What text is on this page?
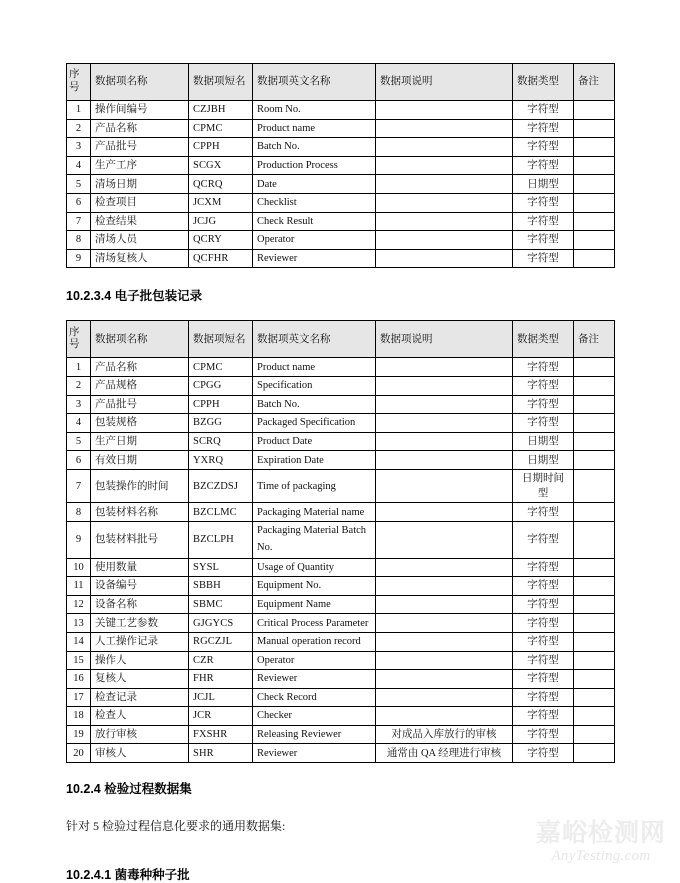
序号	数据项名称	数据项短名	数据项英文名称	数据项说明	数据类型	备注
1	操作间编号	CZJBH	Room No.		字符型	
2	产品名称	CPMC	Product name		字符型	
3	产品批号	CPPH	Batch No.		字符型	
4	生产工序	SCGX	Production Process		字符型	
5	清场日期	QCRQ	Date		日期型	
6	检查项目	JCXM	Checklist		字符型	
7	检查结果	JCJG	Check Result		字符型	
8	清场人员	QCRY	Operator		字符型	
9	清场复核人	QCFHR	Reviewer		字符型	
10.2.3.4 电子批包装记录
序号	数据项名称	数据项短名	数据项英文名称	数据项说明	数据类型	备注
1	产品名称	CPMC	Product name		字符型	
2	产品规格	CPGG	Specification		字符型	
3	产品批号	CPPH	Batch No.		字符型	
4	包装规格	BZGG	Packaged Specification		字符型	
5	生产日期	SCRQ	Product Date		日期型	
6	有效日期	YXRQ	Expiration Date		日期型	
7	包装操作的时间	BZCZDSJ	Time of packaging		日期时间型	
8	包装材料名称	BZCLMC	Packaging Material name		字符型	
9	包装材料批号	BZCLPH	Packaging Material Batch No.		字符型	
10	使用数量	SYSL	Usage of Quantity		字符型	
11	设备编号	SBBH	Equipment No.		字符型	
12	设备名称	SBMC	Equipment Name		字符型	
13	关键工艺参数	GJGYCS	Critical Process Parameter		字符型	
14	人工操作记录	RGCZJL	Manual operation record		字符型	
15	操作人	CZR	Operator		字符型	
16	复核人	FHR	Reviewer		字符型	
17	检查记录	JCJL	Check Record		字符型	
18	检查人	JCR	Checker		字符型	
19	放行审核	FXSHR	Releasing Reviewer	对成品入库放行的审核	字符型	
20	审核人	SHR	Reviewer	通常由 QA 经理进行审核	字符型	
10.2.4 检验过程数据集

针对 5 检验过程信息化要求的通用数据集:

10.2.4.1 菌毒种种子批
嘉峪检测网
AnyTesting.com
